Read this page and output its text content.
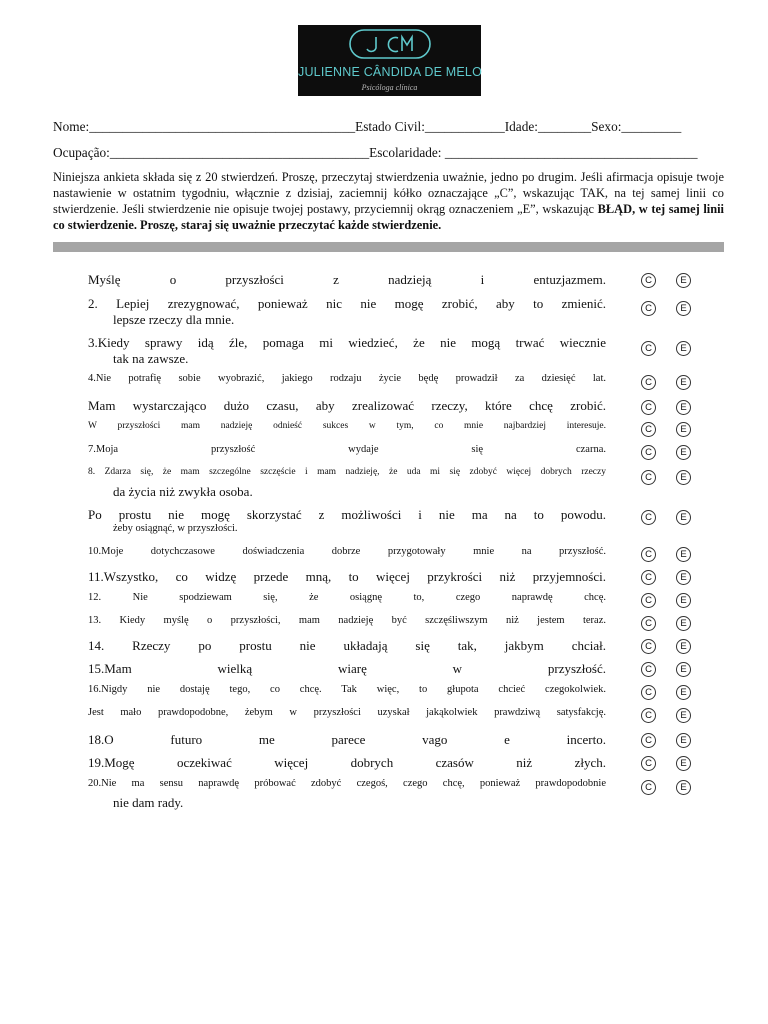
JULIENNE CÂNDIDA DE MELO
Psicóloga clínica
Nome:________________________________________Estado Civil:____________Idade:________Sexo:_________
Ocupação:_______________________________________Escolaridade: ______________________________________

Niniejsza ankieta składa się z 20 stwierdzeń. Proszę, przeczytaj stwierdzenia uważnie, jedno po drugim. Jeśli afirmacja opisuje twoje nastawienie w ostatnim tygodniu, włącznie z dzisiaj, zaciemnij kółko oznaczające „C”, wskazując TAK, na tej samej linii co stwierdzenie. Jeśli stwierdzenie nie opisuje twojej postawy, przyciemnij okrąg oznaczeniem „E”, wskazując BŁĄD, w tej samej linii co stwierdzenie. Proszę, staraj się uważnie przeczytać każde stwierdzenie.

Myślę o przyszłości z nadzieją i entuzjazmem.	C	E
2. Lepiej zrezygnować, ponieważ nic nie mogę zrobić, aby to zmienić.
lepsze rzeczy dla mnie.
C	E
3.Kiedy sprawy idą źle, pomaga mi wiedzieć, że nie mogą trwać wiecznie
tak na zawsze.
C	E
4.Nie potrafię sobie wyobrazić, jakiego rodzaju życie będę prowadził za dziesięć lat.	C	E
Mam wystarczająco dużo czasu, aby zrealizować rzeczy, które chcę zrobić.	C	E
W przyszłości mam nadzieję odnieść sukces w tym, co mnie najbardziej interesuje.	C	E
7.Moja przyszłość wydaje się czarna.	C	E
8. Zdarza się, że mam szczególne szczęście i mam nadzieję, że uda mi się zdobyć więcej dobrych rzeczy
da życia niż zwykła osoba.
C	E
Po prostu nie mogę skorzystać z możliwości i nie ma na to powodu.
żeby osiągnąć, w przyszłości.
C	E
10.Moje dotychczasowe doświadczenia dobrze przygotowały mnie na przyszłość.	C	E
11.Wszystko, co widzę przede mną, to więcej przykrości niż przyjemności.	C	E
12. Nie spodziewam się, że osiągnę to, czego naprawdę chcę.	C	E
13. Kiedy myślę o przyszłości, mam nadzieję być szczęśliwszym niż jestem teraz.	C	E
14. Rzeczy po prostu nie układają się tak, jakbym chciał.	C	E
15.Mam wielką wiarę w przyszłość.	C	E
16.Nigdy nie dostaję tego, co chcę. Tak więc, to głupota chcieć czegokolwiek.	C	E
Jest mało prawdopodobne, żebym w przyszłości uzyskał jakąkolwiek prawdziwą satysfakcję.	C	E
18.O futuro me parece vago e incerto.	C	E
19.Mogę oczekiwać więcej dobrych czasów niż złych.	C	E
20.Nie ma sensu naprawdę próbować zdobyć czegoś, czego chcę, ponieważ prawdopodobnie
nie dam rady.
C	E
